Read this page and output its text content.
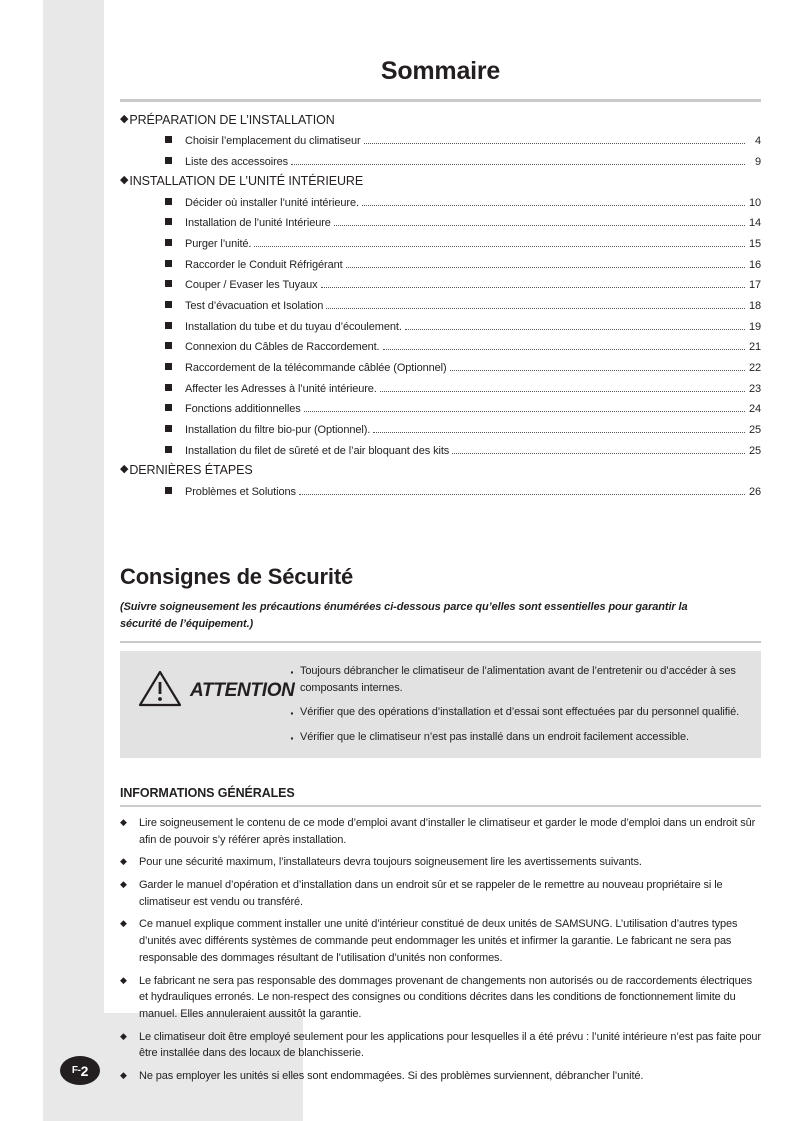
F- 2
Sommaire
◆ PRÉPARATION DE L’INSTALLATION
Choisir l’emplacement du climatiseur	4
Liste des accessoires	9
◆ INSTALLATION DE L’UNITÉ INTÉRIEURE
Décider où installer l’unité intérieure.	10
Installation de l’unité Intérieure	14
Purger l’unité.	15
Raccorder le Conduit Réfrigérant	16
Couper / Evaser les Tuyaux	17
Test d’évacuation et Isolation	18
Installation du tube et du tuyau d’écoulement.	19
Connexion du Câbles de Raccordement.	21
Raccordement de la télécommande câblée (Optionnel)	22
Affecter les Adresses à l’unité intérieure.	23
Fonctions additionnelles	24
Installation du filtre bio-pur (Optionnel).	25
Installation du filet de sûreté et de l’air bloquant des kits	25
◆ DERNIÈRES ÉTAPES
Problèmes et Solutions	26
Consignes de Sécurité
(Suivre soigneusement les précautions énumérées ci-dessous parce qu’elles sont essentielles pour garantir la sécurité de l’équipement.)
ATTENTION
· Toujours débrancher le climatiseur de l’alimentation avant de l’entretenir ou d’accéder à ses composants internes.
· Vérifier que des opérations d’installation et d’essai sont effectuées par du personnel qualifié.
· Vérifier que le climatiseur n’est pas installé dans un endroit facilement accessible.
INFORMATIONS GÉNÉRALES
◆ Lire soigneusement le contenu de ce mode d’emploi avant d’installer le climatiseur et garder le mode d’emploi dans un endroit sûr afin de pouvoir s’y référer après installation.
◆ Pour une sécurité maximum, l’installateurs devra toujours soigneusement lire les avertissements suivants.
◆ Garder le manuel d’opération et d’installation dans un endroit sûr et se rappeler de le remettre au nouveau propriétaire si le climatiseur est vendu ou transféré.
◆ Ce manuel explique comment installer une unité d’intérieur constitué de deux unités de SAMSUNG. L’utilisation d’autres types d’unités avec différents systèmes de commande peut endommager les unités et infirmer la garantie. Le fabricant ne sera pas responsable des dommages résultant de l’utilisation d’unités non conformes.
◆ Le fabricant ne sera pas responsable des dommages provenant de changements non autorisés ou de raccordements électriques et hydrauliques erronés. Le non-respect des consignes ou conditions décrites dans les conditions de fonctionnement limite du manuel. Elles annuleraient aussitôt la garantie.
◆ Le climatiseur doit être employé seulement pour les applications pour lesquelles il a été prévu : l’unité intérieure n’est pas faite pour être installée dans des locaux de blanchisserie.
◆ Ne pas employer les unités si elles sont endommagées. Si des problèmes surviennent, débrancher l’unité.
